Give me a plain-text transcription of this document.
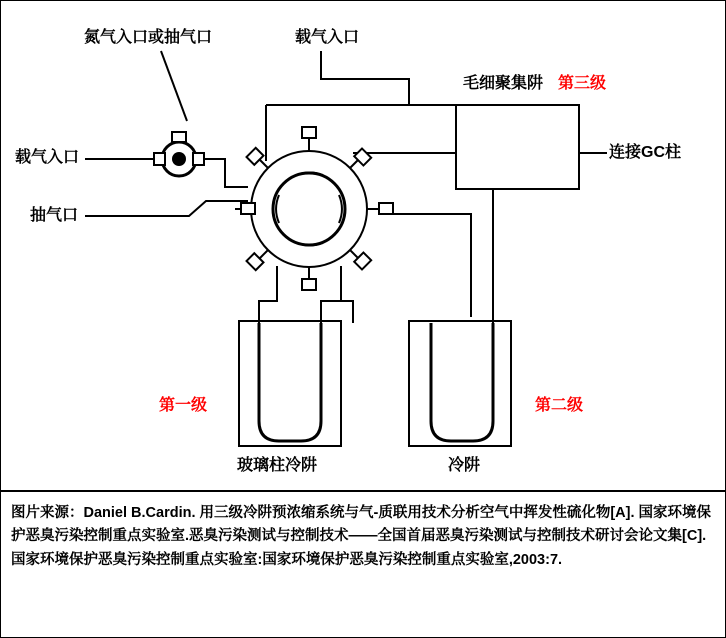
氮气入口或抽气口	载气入口
毛细聚集阱 第三级
载气入口	连接GC柱
抽气口
第一级	第二级
玻璃柱冷阱	冷阱
图片来源：Daniel B.Cardin. 用三级冷阱预浓缩系统与气-质联用技术分析空气中挥发性硫化物[A]. 国家环境保护恶臭污染控制重点实验室.恶臭污染测试与控制技术——全国首届恶臭污染测试与控制技术研讨会论文集[C].国家环境保护恶臭污染控制重点实验室:国家环境保护恶臭污染控制重点实验室,2003:7.
